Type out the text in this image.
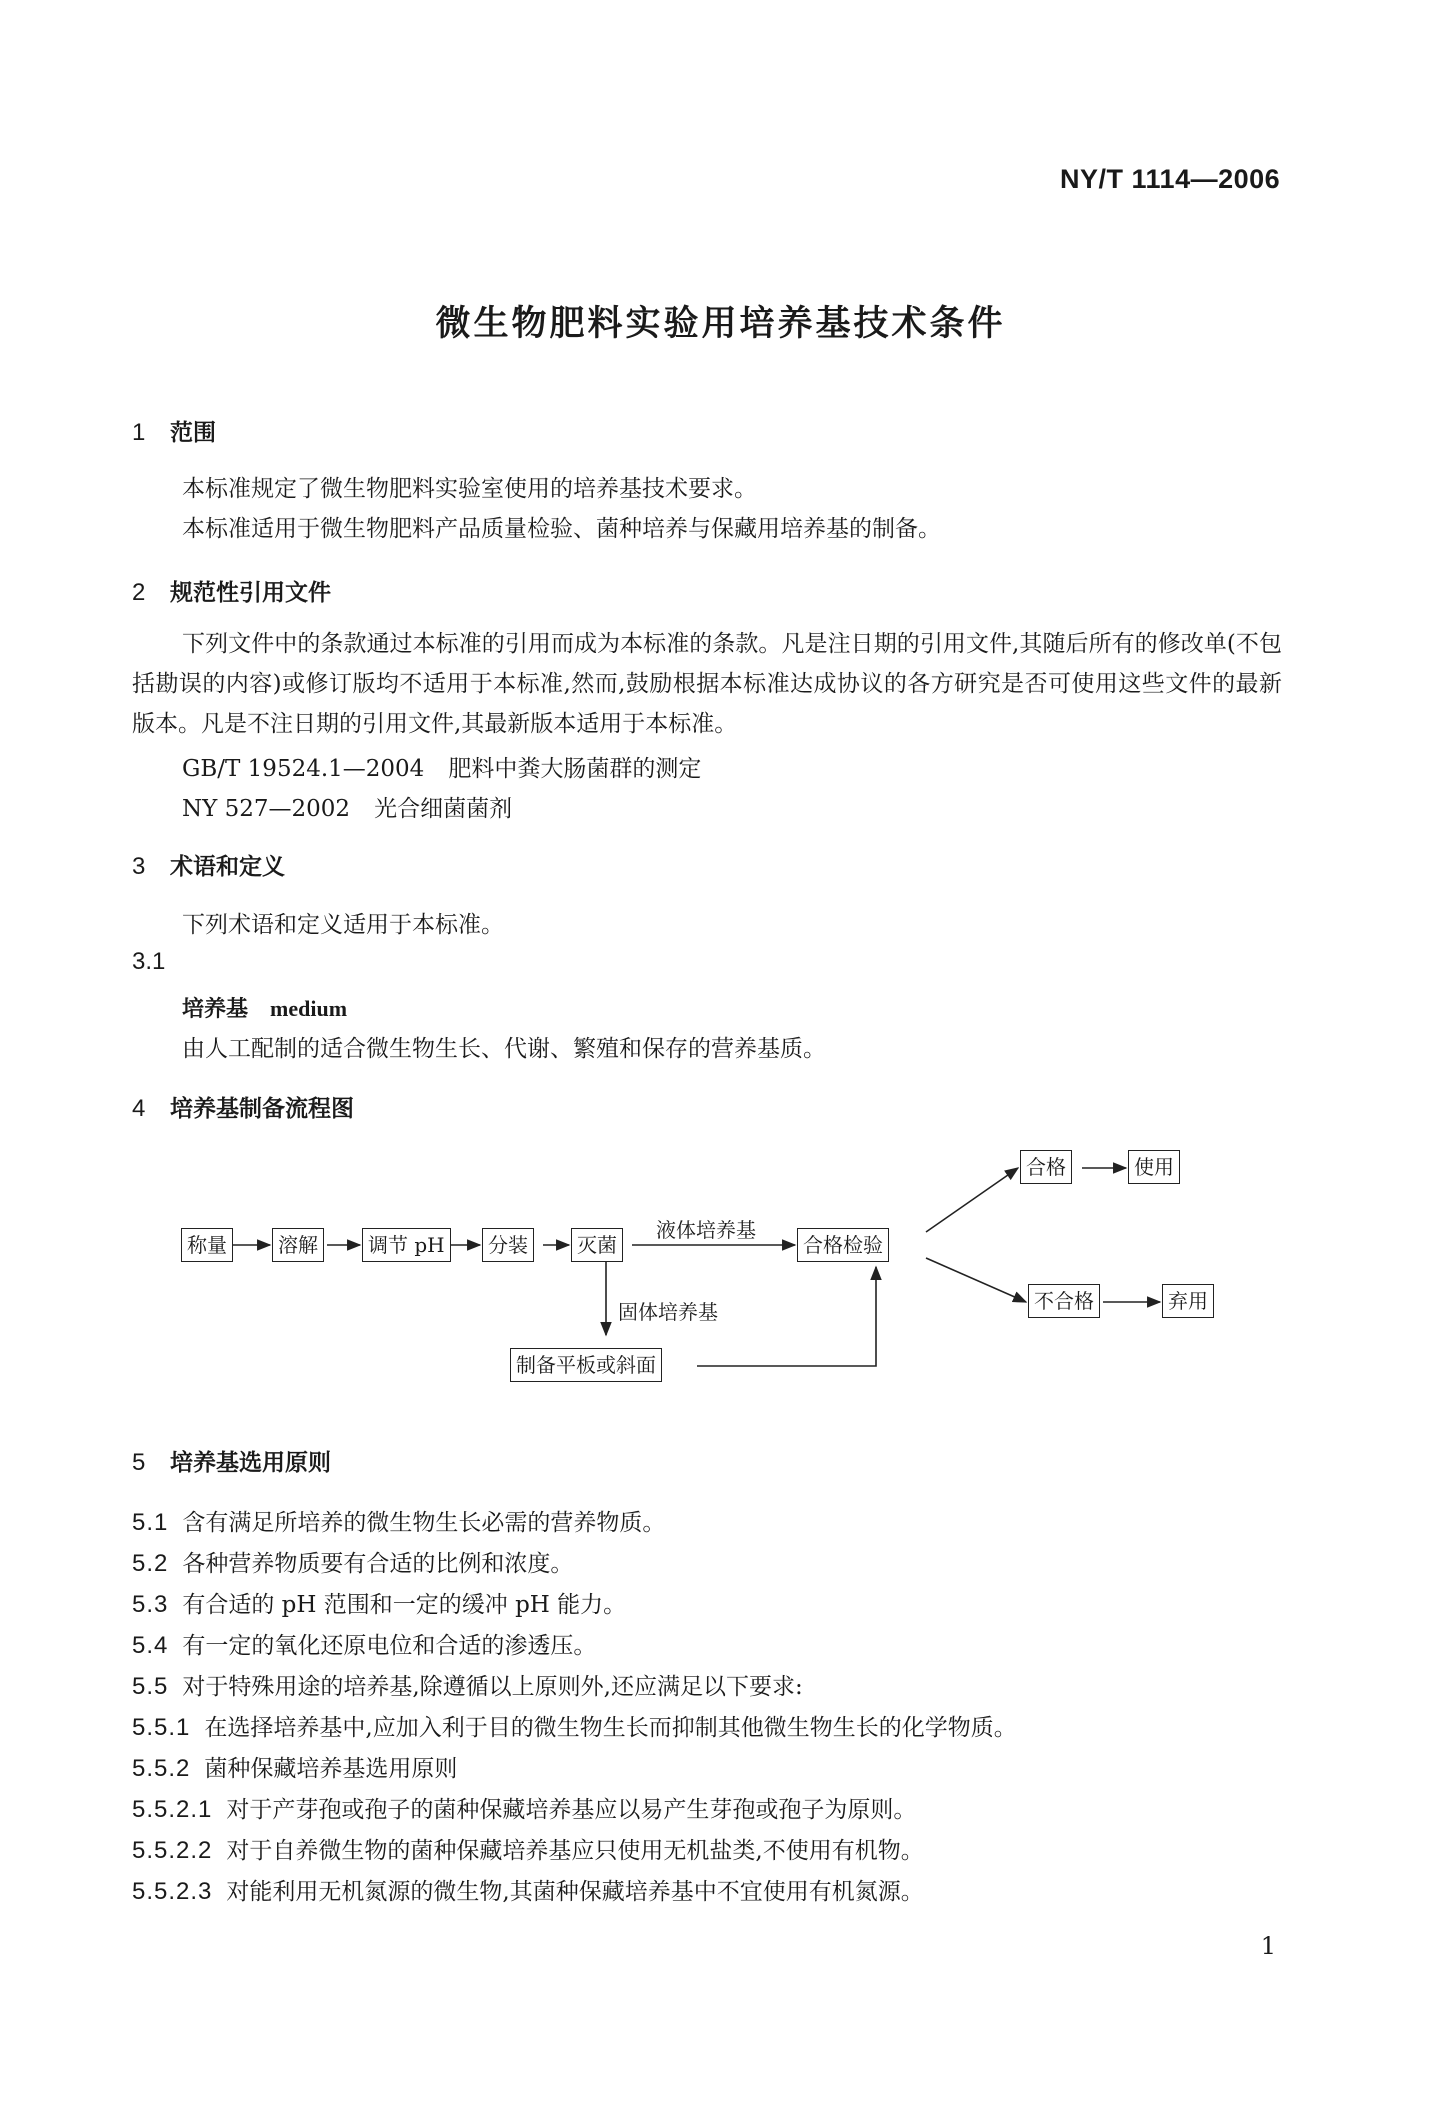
NY/T 1114—2006
微生物肥料实验用培养基技术条件
1 范围
本标准规定了微生物肥料实验室使用的培养基技术要求。
本标准适用于微生物肥料产品质量检验、菌种培养与保藏用培养基的制备。
2 规范性引用文件
下列文件中的条款通过本标准的引用而成为本标准的条款。凡是注日期的引用文件,其随后所有的修改单(不包括勘误的内容)或修订版均不适用于本标准,然而,鼓励根据本标准达成协议的各方研究是否可使用这些文件的最新版本。凡是不注日期的引用文件,其最新版本适用于本标准。
GB/T 19524.1—2004 肥料中粪大肠菌群的测定
NY 527—2002 光合细菌菌剂
3 术语和定义
下列术语和定义适用于本标准。
3.1
培养基 medium
由人工配制的适合微生物生长、代谢、繁殖和保存的营养基质。
4 培养基制备流程图
称量	溶解	调节 pH	分装	灭菌	合格检验
液体培养基
固体培养基
制备平板或斜面
合格	使用
不合格	弃用
5 培养基选用原则
5.1 含有满足所培养的微生物生长必需的营养物质。
5.2 各种营养物质要有合适的比例和浓度。
5.3 有合适的 pH 范围和一定的缓冲 pH 能力。
5.4 有一定的氧化还原电位和合适的渗透压。
5.5 对于特殊用途的培养基,除遵循以上原则外,还应满足以下要求:
5.5.1 在选择培养基中,应加入利于目的微生物生长而抑制其他微生物生长的化学物质。
5.5.2 菌种保藏培养基选用原则
5.5.2.1 对于产芽孢或孢子的菌种保藏培养基应以易产生芽孢或孢子为原则。
5.5.2.2 对于自养微生物的菌种保藏培养基应只使用无机盐类,不使用有机物。
5.5.2.3 对能利用无机氮源的微生物,其菌种保藏培养基中不宜使用有机氮源。
1
